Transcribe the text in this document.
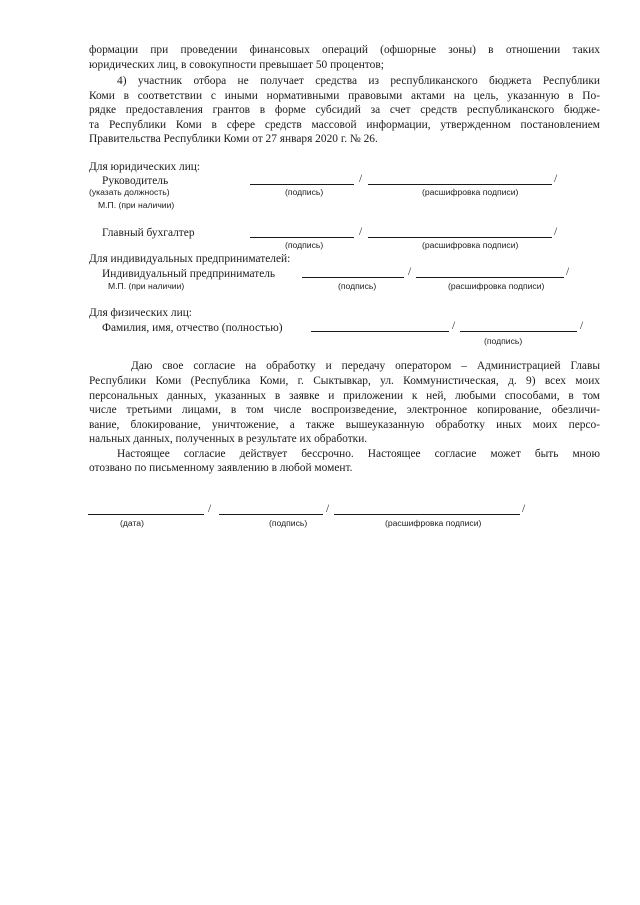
формации при проведении финансовых операций (офшорные зоны) в отношении таких
юридических лиц, в совокупности превышает 50 процентов;
4) участник отбора не получает средства из республиканского бюджета Республики
Коми в соответствии с иными нормативными правовыми актами на цель, указанную в По-
рядке предоставления грантов в форме субсидий за счет средств республиканского бюдже-
та Республики Коми в сфере средств массовой информации, утвержденном постановлением
Правительства Республики Коми от 27 января 2020 г. № 26.
Для юридических лиц:
Руководитель	/	/
(указать должность)	(подпись)	(расшифровка подписи)
М.П. (при наличии)
Главный бухгалтер	/	/
(подпись)	(расшифровка подписи)
Для индивидуальных предпринимателей:
Индивидуальный предприниматель	/	/
М.П. (при наличии)	(подпись)	(расшифровка подписи)
Для физических лиц:
Фамилия, имя, отчество (полностью)	/	/
(подпись)
Даю свое согласие на обработку и передачу оператором – Администрацией Главы
Республики Коми (Республика Коми, г. Сыктывкар, ул. Коммунистическая, д. 9) всех моих
персональных данных, указанных в заявке и приложении к ней, любыми способами, в том
числе третьими лицами, в том числе воспроизведение, электронное копирование, обезличи-
вание, блокирование, уничтожение, а также вышеуказанную обработку иных моих персо-
нальных данных, полученных в результате их обработки.
Настоящее согласие действует бессрочно. Настоящее согласие может быть мною
отозвано по письменному заявлению в любой момент.
/	/	/
(дата)	(подпись)	(расшифровка подписи)
